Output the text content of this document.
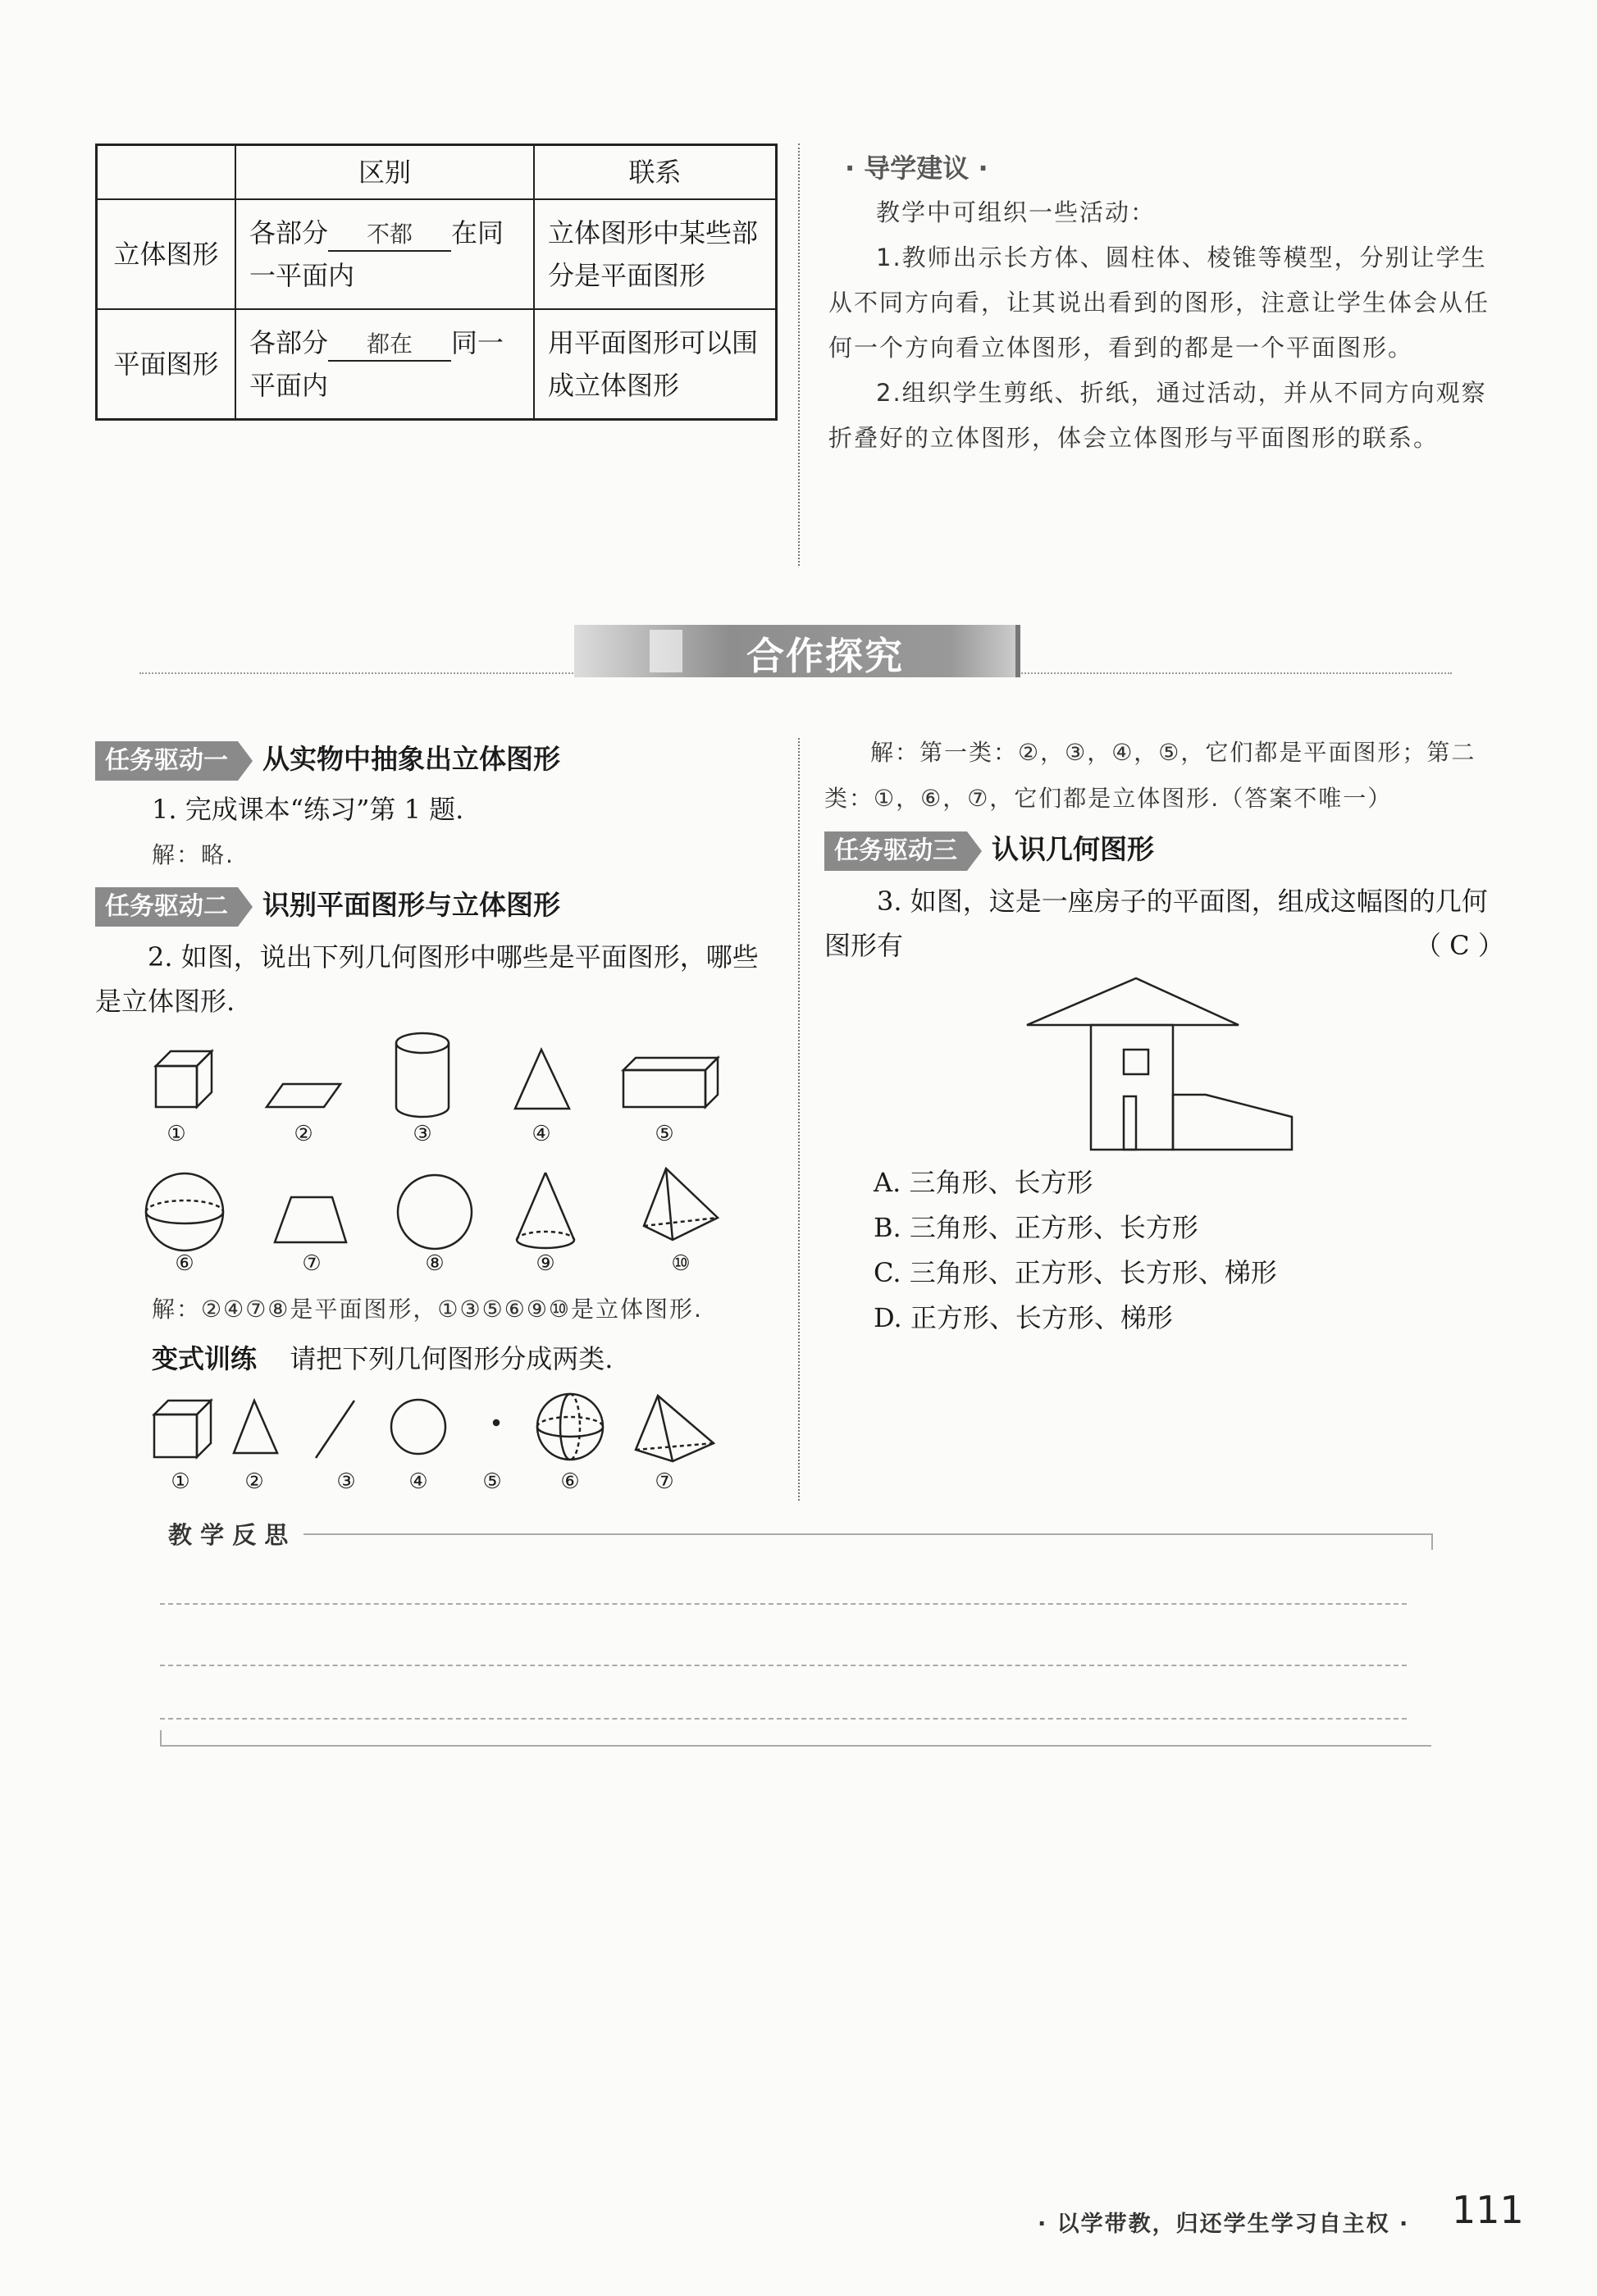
	区别	联系
立体图形	各部分 不都 在同一平面内	立体图形中某些部分是平面图形
平面图形	各部分 都在 同一平面内	用平面图形可以围成立体图形
· 导学建议 ·
教学中可组织一些活动：
1.教师出示长方体、圆柱体、棱锥等模型，分别让学生从不同方向看，让其说出看到的图形，注意让学生体会从任何一个方向看立体图形，看到的都是一个平面图形。
2.组织学生剪纸、折纸，通过活动，并从不同方向观察折叠好的立体图形，体会立体图形与平面图形的联系。
合作探究
任务驱动一 从实物中抽象出立体图形
1. 完成课本“练习”第 1 题.
解：略.
任务驱动二 识别平面图形与立体图形
2. 如图，说出下列几何图形中哪些是平面图形，哪些是立体图形.
①	②	③	④	⑤
⑥	⑦	⑧	⑨	⑩
解：②④⑦⑧是平面图形，①③⑤⑥⑨⑩是立体图形.
变式训练 请把下列几何图形分成两类.
①	②	③	④	⑤	⑥	⑦
解：第一类：②，③，④，⑤，它们都是平面图形；第二类：①，⑥，⑦，它们都是立体图形.（答案不唯一）
任务驱动三 认识几何图形
3. 如图，这是一座房子的平面图，组成这幅图的几何图形有	（ C ）
A. 三角形、长方形
B. 三角形、正方形、长方形
C. 三角形、正方形、长方形、梯形
D. 正方形、长方形、梯形
教 学 反 思
· 以学带教，归还学生学习自主权 · 111
